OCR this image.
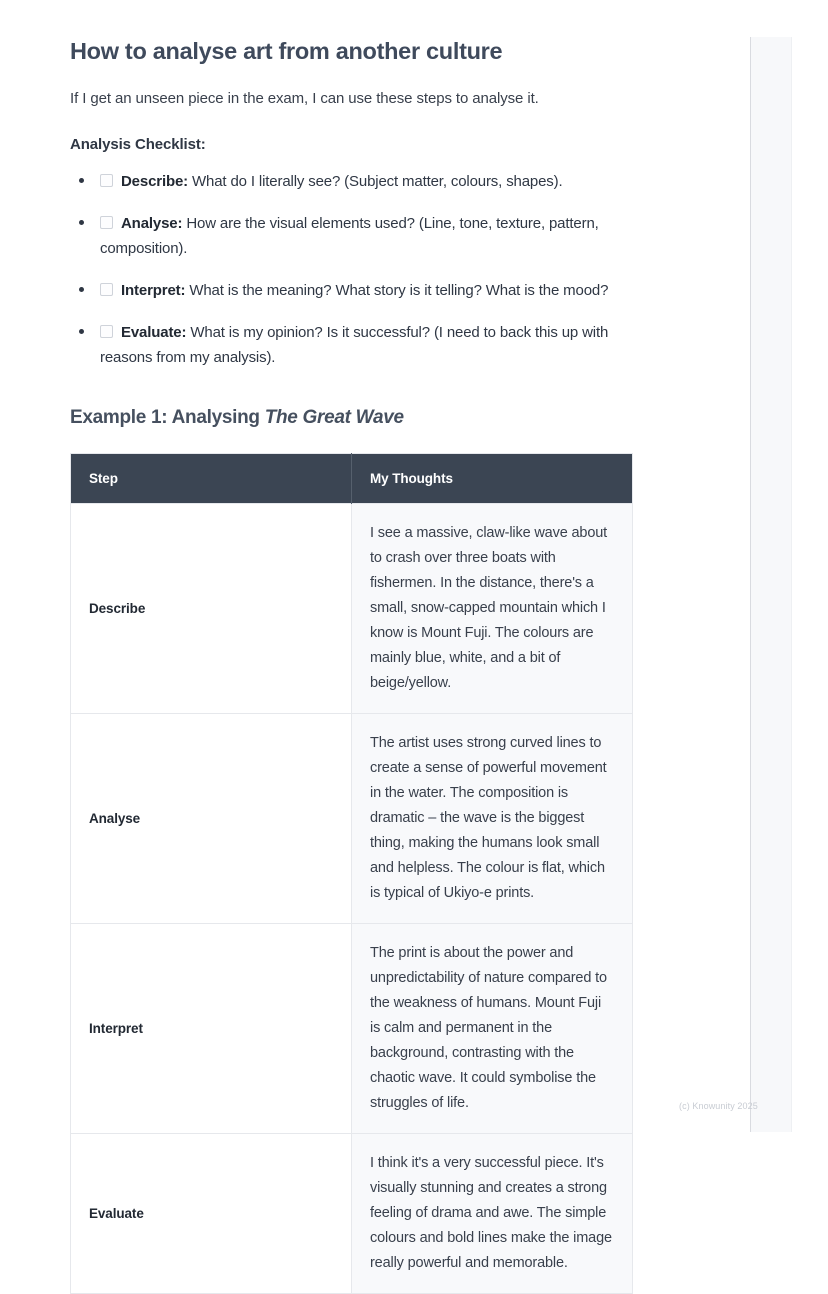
How to analyse art from another culture

If I get an unseen piece in the exam, I can use these steps to analyse it.

Analysis Checklist:

Describe: What do I literally see? (Subject matter, colours, shapes).
Analyse: How are the visual elements used? (Line, tone, texture, pattern, composition).
Interpret: What is the meaning? What story is it telling? What is the mood?
Evaluate: What is my opinion? Is it successful? (I need to back this up with reasons from my analysis).
Example 1: Analysing The Great Wave
Step	My Thoughts
Describe	I see a massive, claw-like wave about to crash over three boats with fishermen. In the distance, there's a small, snow-capped mountain which I know is Mount Fuji. The colours are mainly blue, white, and a bit of beige/yellow.
Analyse	The artist uses strong curved lines to create a sense of powerful movement in the water. The composition is dramatic – the wave is the biggest thing, making the humans look small and helpless. The colour is flat, which is typical of Ukiyo-e prints.
Interpret	The print is about the power and unpredictability of nature compared to the weakness of humans. Mount Fuji is calm and permanent in the background, contrasting with the chaotic wave. It could symbolise the struggles of life.
Evaluate	I think it's a very successful piece. It's visually stunning and creates a strong feeling of drama and awe. The simple colours and bold lines make the image really powerful and memorable.
(c) Knowunity 2025
